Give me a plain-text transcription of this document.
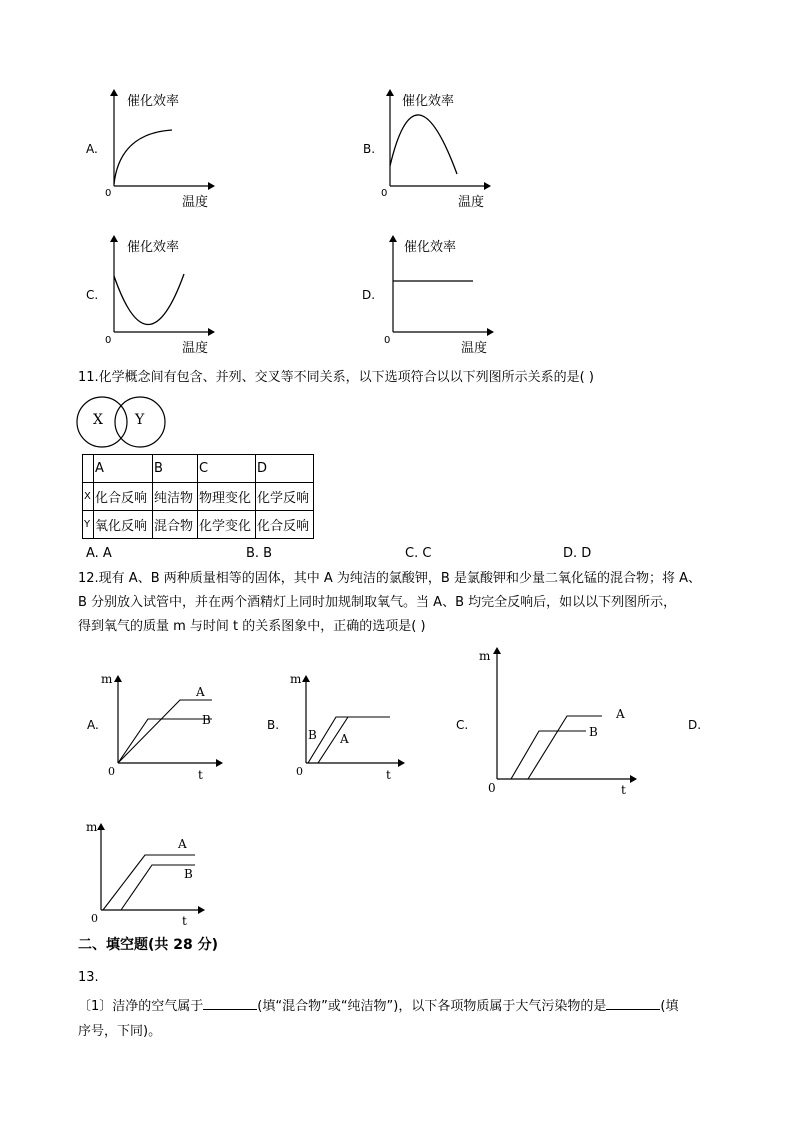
催化效率
温度
0
A.
催化效率
温度
0
B.
催化效率
温度
0
C.
催化效率
温度
0
D.
11.化学概念间有包含、并列、交叉等不同关系，以下选项符合以以下列图所示关系的是( )
X Y
	A	B	C	D
X	化合反响	纯洁物	物理变化	化学反响
Y	氧化反响	混合物	化学变化	化合反响
A. A	B. B	C. C	D. D
12.现有 A、B 两种质量相等的固体，其中 A 为纯洁的氯酸钾，B 是氯酸钾和少量二氧化锰的混合物；将 A、
B 分别放入试管中，并在两个酒精灯上同时加规制取氧气。当 A、B 均完全反响后，如以以下列图所示，
得到氧气的质量 m 与时间 t 的关系图象中，正确的选项是( )
m
t
0
A
B
A.
m
t
0
B A
B.
m
t
0
A
B
C.	D.
m
t
0
A
B
二、填空题(共 28 分)
13.
〔1〕洁净的空气属于	(填“混合物”或“纯洁物”)，以下各项物质属于大气污染物的是	(填
序号，下同)。
